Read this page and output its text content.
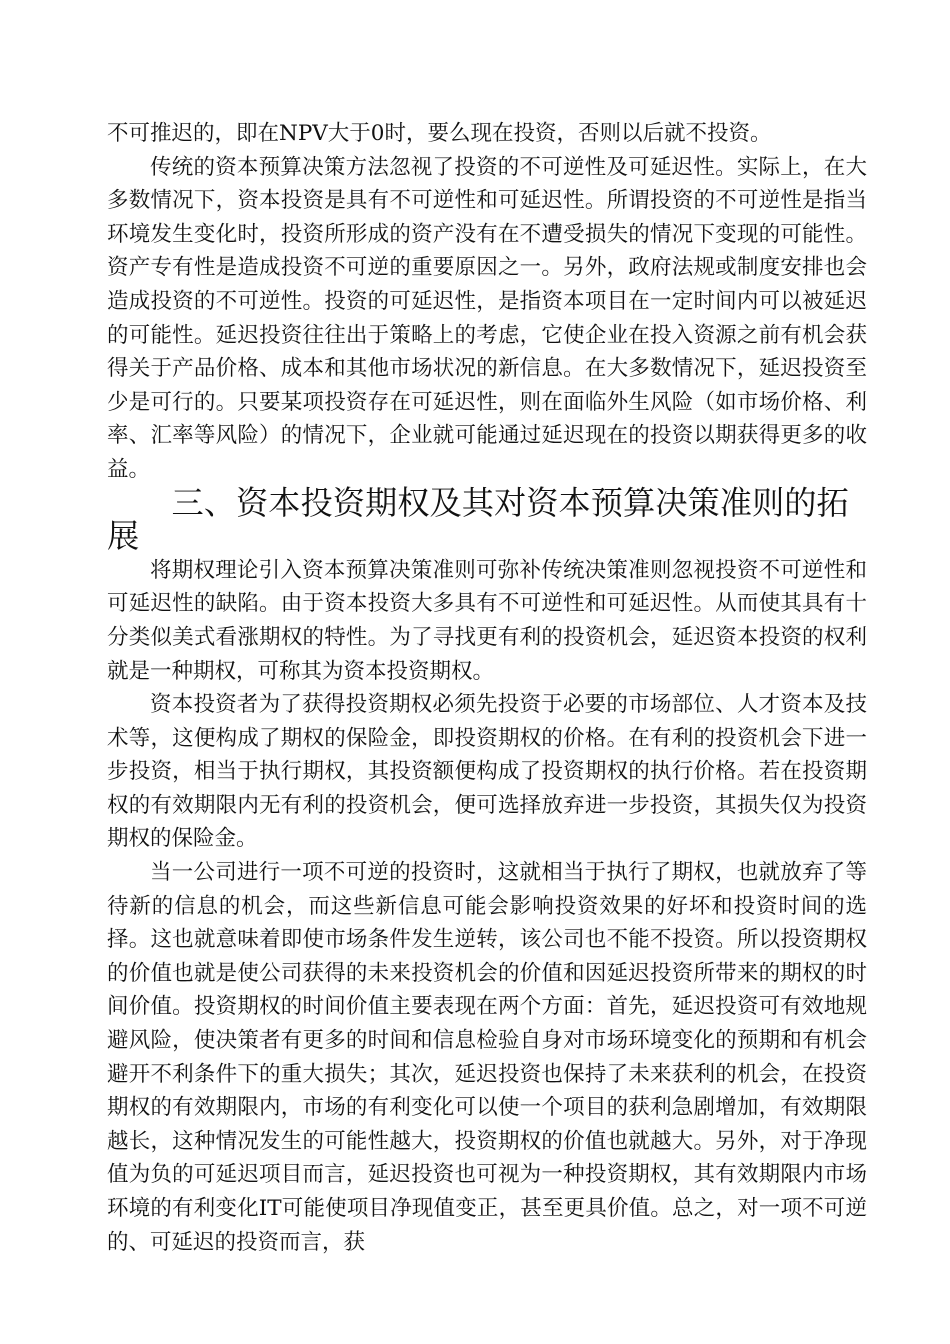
不可推迟的，即在NPV大于0时，要么现在投资，否则以后就不投资。

传统的资本预算决策方法忽视了投资的不可逆性及可延迟性。实际上，在大多数情况下，资本投资是具有不可逆性和可延迟性。所谓投资的不可逆性是指当环境发生变化时，投资所形成的资产没有在不遭受损失的情况下变现的可能性。资产专有性是造成投资不可逆的重要原因之一。另外，政府法规或制度安排也会造成投资的不可逆性。投资的可延迟性，是指资本项目在一定时间内可以被延迟的可能性。延迟投资往往出于策略上的考虑，它使企业在投入资源之前有机会获得关于产品价格、成本和其他市场状况的新信息。在大多数情况下，延迟投资至少是可行的。只要某项投资存在可延迟性，则在面临外生风险（如市场价格、利率、汇率等风险）的情况下，企业就可能通过延迟现在的投资以期获得更多的收益。

三、资本投资期权及其对资本预算决策准则的拓展

将期权理论引入资本预算决策准则可弥补传统决策准则忽视投资不可逆性和可延迟性的缺陷。由于资本投资大多具有不可逆性和可延迟性。从而使其具有十分类似美式看涨期权的特性。为了寻找更有利的投资机会，延迟资本投资的权利就是一种期权，可称其为资本投资期权。

资本投资者为了获得投资期权必须先投资于必要的市场部位、人才资本及技术等，这便构成了期权的保险金，即投资期权的价格。在有利的投资机会下进一步投资，相当于执行期权，其投资额便构成了投资期权的执行价格。若在投资期权的有效期限内无有利的投资机会，便可选择放弃进一步投资，其损失仅为投资期权的保险金。

当一公司进行一项不可逆的投资时，这就相当于执行了期权，也就放弃了等待新的信息的机会，而这些新信息可能会影响投资效果的好坏和投资时间的选择。这也就意味着即使市场条件发生逆转，该公司也不能不投资。所以投资期权的价值也就是使公司获得的未来投资机会的价值和因延迟投资所带来的期权的时间价值。投资期权的时间价值主要表现在两个方面：首先，延迟投资可有效地规避风险，使决策者有更多的时间和信息检验自身对市场环境变化的预期和有机会避开不利条件下的重大损失；其次，延迟投资也保持了未来获利的机会，在投资期权的有效期限内，市场的有利变化可以使一个项目的获利急剧增加，有效期限越长，这种情况发生的可能性越大，投资期权的价值也就越大。另外，对于净现值为负的可延迟项目而言，延迟投资也可视为一种投资期权，其有效期限内市场环境的有利变化IT可能使项目净现值变正，甚至更具价值。总之，对一项不可逆的、可延迟的投资而言，获
